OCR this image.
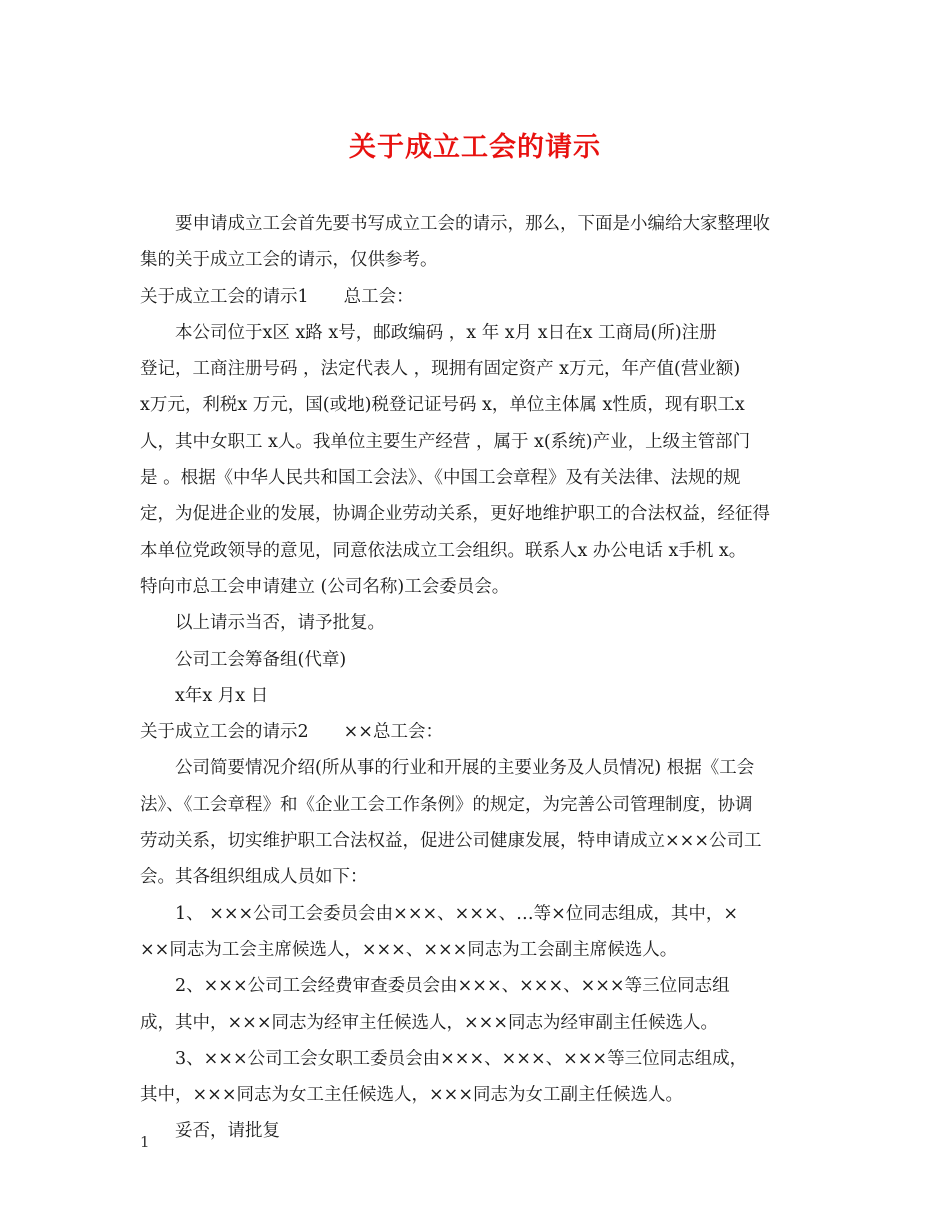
关于成立工会的请示

要申请成立工会首先要书写成立工会的请示，那么，下面是小编给大家整理收

集的关于成立工会的请示，仅供参考。

关于成立工会的请示1　　总工会：

本公司位于x区 x路 x号，邮政编码 ，x 年 x月 x日在x 工商局(所)注册

登记，工商注册号码 ，法定代表人 ，现拥有固定资产 x万元，年产值(营业额)

x万元，利税x 万元，国(或地)税登记证号码 x，单位主体属 x性质，现有职工x

人，其中女职工 x人。我单位主要生产经营 ，属于 x(系统)产业，上级主管部门

是 。根据《中华人民共和国工会法》、《中国工会章程》及有关法律、法规的规

定，为促进企业的发展，协调企业劳动关系，更好地维护职工的合法权益，经征得

本单位党政领导的意见，同意依法成立工会组织。联系人x 办公电话 x手机 x。

特向市总工会申请建立 (公司名称)工会委员会。

以上请示当否，请予批复。

公司工会筹备组(代章)

x年x 月x 日

关于成立工会的请示2　　××总工会：

公司简要情况介绍(所从事的行业和开展的主要业务及人员情况) 根据《工会

法》、《工会章程》和《企业工会工作条例》的规定，为完善公司管理制度，协调

劳动关系，切实维护职工合法权益，促进公司健康发展，特申请成立×××公司工

会。其各组织组成人员如下：

1、 ×××公司工会委员会由×××、×××、…等×位同志组成，其中，×

××同志为工会主席候选人，×××、×××同志为工会副主席候选人。

2、×××公司工会经费审查委员会由×××、×××、×××等三位同志组

成，其中，×××同志为经审主任候选人，×××同志为经审副主任候选人。

3、×××公司工会女职工委员会由×××、×××、×××等三位同志组成，

其中，×××同志为女工主任候选人，×××同志为女工副主任候选人。

妥否，请批复

1
